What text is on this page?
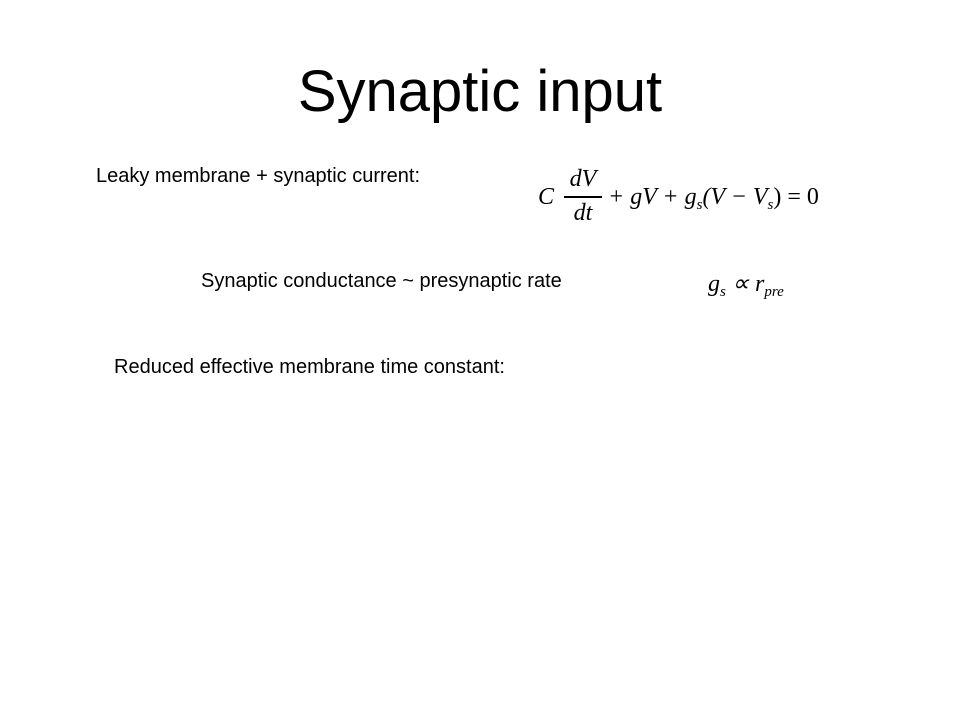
Synaptic input
Leaky membrane + synaptic current:
C
dV
dt
+ gV + $g_s(V - V_s) = 0$
Synaptic conductance ~ presynaptic rate	$g_s \propto r_{pre}$
Reduced effective membrane time constant:
